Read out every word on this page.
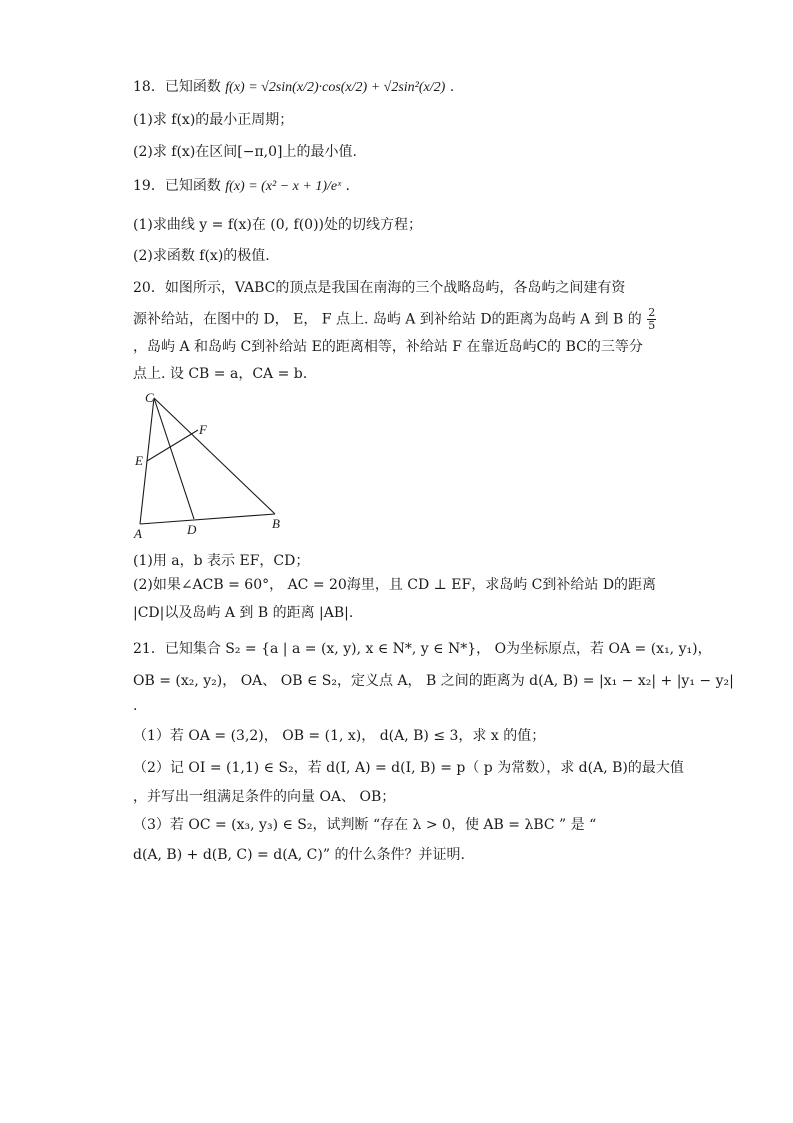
18．已知函数 f(x) = √2sin(x/2)·cos(x/2) + √2sin²(x/2) .
(1)求 f(x)的最小正周期；
(2)求 f(x)在区间[−π,0]上的最小值.
19．已知函数 f(x) = (x² − x + 1)/eˣ .
(1)求曲线 y = f(x)在 (0, f(0))处的切线方程；
(2)求函数 f(x)的极值.
20．如图所示，VABC的顶点是我国在南海的三个战略岛屿，各岛屿之间建有资
源补给站，在图中的 D， E， F 点上. 岛屿 A 到补给站 D的距离为岛屿 A 到 B 的 $\frac{2}{5}$
，岛屿 A 和岛屿 C到补给站 E的距离相等，补给站 F 在靠近岛屿C的 BC的三等分
点上. 设 CB = a，CA = b.
C
F
E
A	D	B
(1)用 a，b 表示 EF，CD；
(2)如果∠ACB = 60°， AC = 20海里，且 CD ⊥ EF，求岛屿 C到补给站 D的距离
|CD|以及岛屿 A 到 B 的距离 |AB|.
21．已知集合 S₂ = {a | a = (x, y), x ∈ N*, y ∈ N*}， O为坐标原点，若 OA = (x₁, y₁)，
OB = (x₂, y₂)， OA、 OB ∈ S₂，定义点 A， B 之间的距离为 d(A, B) = |x₁ − x₂| + |y₁ − y₂|
.
（1）若 OA = (3,2)， OB = (1, x)， d(A, B) ≤ 3，求 x 的值；
（2）记 OI = (1,1) ∈ S₂，若 d(I, A) = d(I, B) = p（ p 为常数），求 d(A, B)的最大值
，并写出一组满足条件的向量 OA、 OB；
（3）若 OC = (x₃, y₃) ∈ S₂，试判断 “存在 λ > 0，使 AB = λBC ” 是 “
d(A, B) + d(B, C) = d(A, C)” 的什么条件？并证明.
